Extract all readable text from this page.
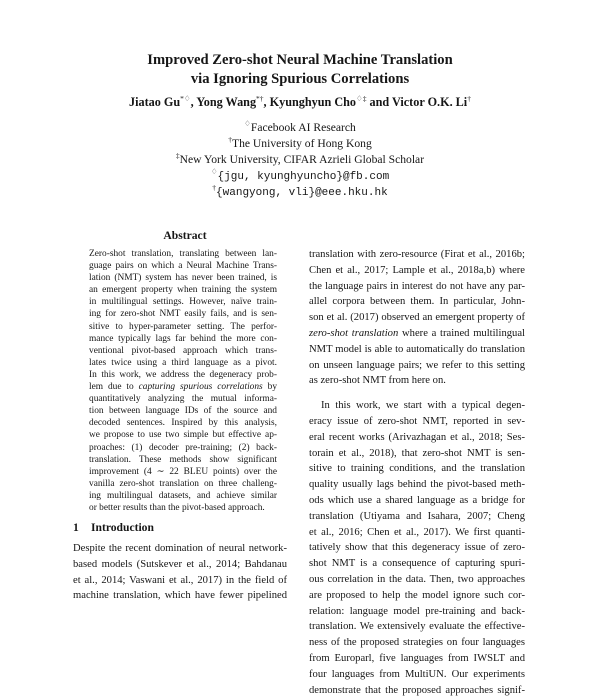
Improved Zero-shot Neural Machine Translation
via Ignoring Spurious Correlations
Jiatao Gu*♢, Yong Wang*†, Kyunghyun Cho♢‡ and Victor O.K. Li†
♢Facebook AI Research
†The University of Hong Kong
‡New York University, CIFAR Azrieli Global Scholar
♢{jgu, kyunghyuncho}@fb.com
†{wangyong, vli}@eee.hku.hk
Abstract
Zero-shot translation, translating between lan-
guage pairs on which a Neural Machine Trans-
lation (NMT) system has never been trained, is
an emergent property when training the system
in multilingual settings. However, naïve train-
ing for zero-shot NMT easily fails, and is sen-
sitive to hyper-parameter setting. The perfor-
mance typically lags far behind the more con-
ventional pivot-based approach which trans-
lates twice using a third language as a pivot.
In this work, we address the degeneracy prob-
lem due to capturing spurious correlations by
quantitatively analyzing the mutual informa-
tion between language IDs of the source and
decoded sentences. Inspired by this analysis,
we propose to use two simple but effective ap-
proaches: (1) decoder pre-training; (2) back-
translation. These methods show significant
improvement (4 ∼ 22 BLEU points) over the
vanilla zero-shot translation on three challeng-
ing multilingual datasets, and achieve similar
or better results than the pivot-based approach.
1 Introduction
Despite the recent domination of neural network-
based models (Sutskever et al., 2014; Bahdanau
et al., 2014; Vaswani et al., 2017) in the field of
machine translation, which have fewer pipelined
translation with zero-resource (Firat et al., 2016b;
Chen et al., 2017; Lample et al., 2018a,b) where
the language pairs in interest do not have any par-
allel corpora between them. In particular, John-
son et al. (2017) observed an emergent property of
zero-shot translation where a trained multilingual
NMT model is able to automatically do translation
on unseen language pairs; we refer to this setting
as zero-shot NMT from here on.
In this work, we start with a typical degen-
eracy issue of zero-shot NMT, reported in sev-
eral recent works (Arivazhagan et al., 2018; Ses-
torain et al., 2018), that zero-shot NMT is sen-
sitive to training conditions, and the translation
quality usually lags behind the pivot-based meth-
ods which use a shared language as a bridge for
translation (Utiyama and Isahara, 2007; Cheng
et al., 2016; Chen et al., 2017). We first quanti-
tatively show that this degeneracy issue of zero-
shot NMT is a consequence of capturing spuri-
ous correlation in the data. Then, two approaches
are proposed to help the model ignore such cor-
relation: language model pre-training and back-
translation. We extensively evaluate the effective-
ness of the proposed strategies on four languages
from Europarl, five languages from IWSLT and
four languages from MultiUN. Our experiments
demonstrate that the proposed approaches signif-
